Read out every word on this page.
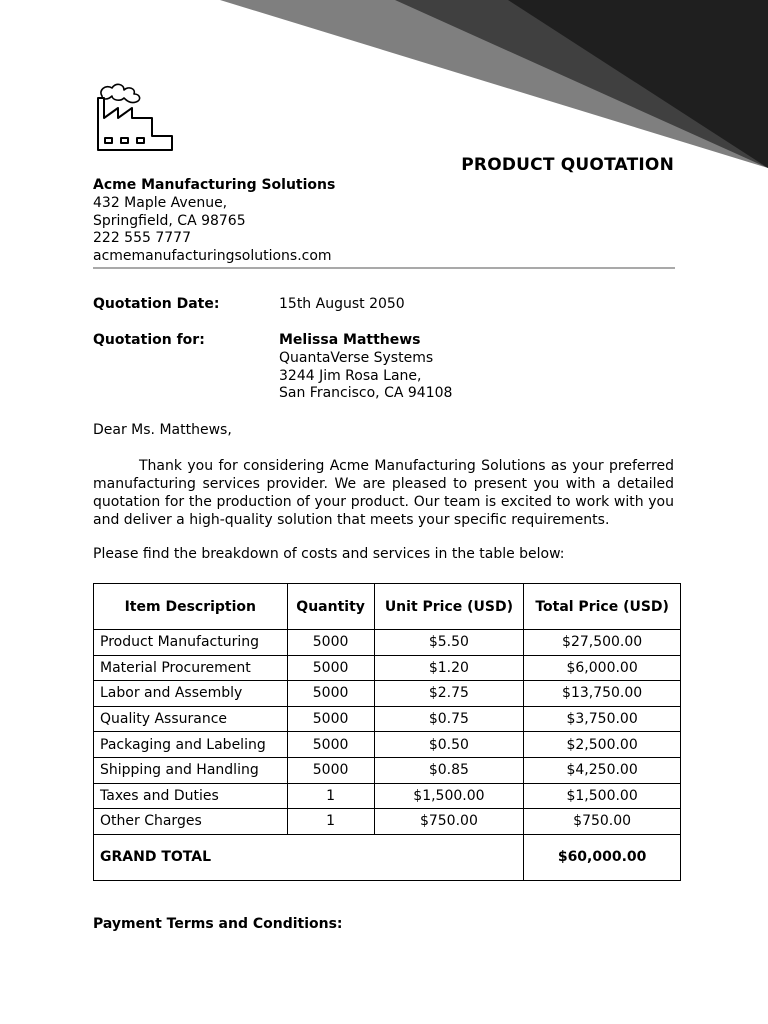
PRODUCT QUOTATION
Acme Manufacturing Solutions
432 Maple Avenue,
Springfield, CA 98765
222 555 7777
acmemanufacturingsolutions.com
Quotation Date:	15th August 2050
Quotation for:	Melissa Matthews
QuantaVerse Systems
3244 Jim Rosa Lane,
San Francisco, CA 94108
Dear Ms. Matthews,
Thank you for considering Acme Manufacturing Solutions as your preferred manufacturing services provider. We are pleased to present you with a detailed quotation for the production of your product. Our team is excited to work with you and deliver a high-quality solution that meets your specific requirements.
Please find the breakdown of costs and services in the table below:
Item Description	Quantity	Unit Price (USD)	Total Price (USD)
Product Manufacturing	5000	$5.50	$27,500.00
Material Procurement	5000	$1.20	$6,000.00
Labor and Assembly	5000	$2.75	$13,750.00
Quality Assurance	5000	$0.75	$3,750.00
Packaging and Labeling	5000	$0.50	$2,500.00
Shipping and Handling	5000	$0.85	$4,250.00
Taxes and Duties	1	$1,500.00	$1,500.00
Other Charges	1	$750.00	$750.00
GRAND TOTAL			$60,000.00
Payment Terms and Conditions:
